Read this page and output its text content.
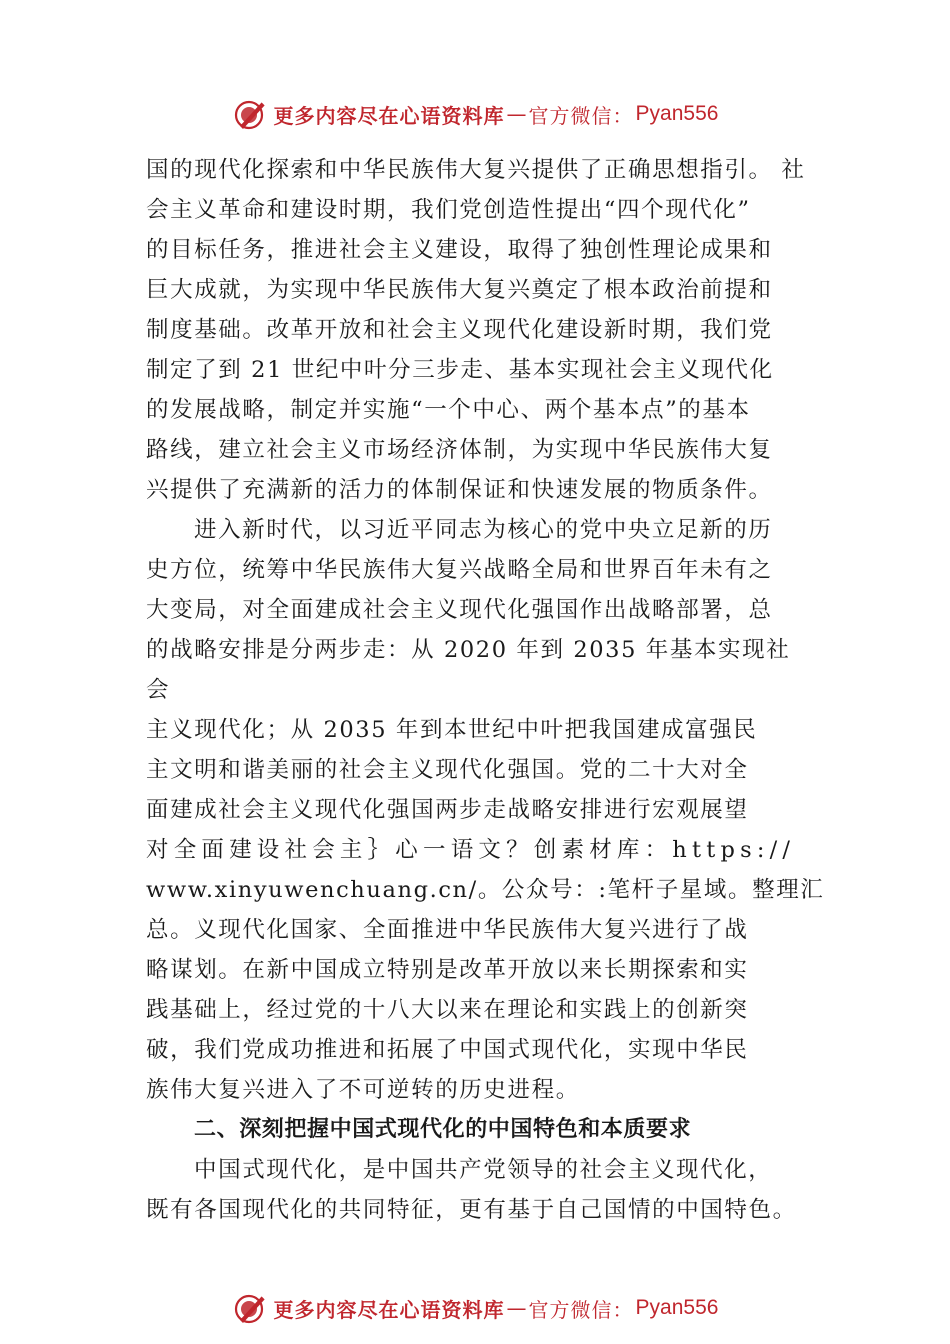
更多内容尽在心语资料库 — 官方微信： Pyan556
国的现代化探索和中华民族伟大复兴提供了正确思想指引。 社
会主义革命和建设时期，我们党创造性提出“四个现代化”
的目标任务，推进社会主义建设，取得了独创性理论成果和
巨大成就，为实现中华民族伟大复兴奠定了根本政治前提和
制度基础。改革开放和社会主义现代化建设新时期，我们党
制定了到 21 世纪中叶分三步走、基本实现社会主义现代化
的发展战略，制定并实施“一个中心、两个基本点”的基本
路线，建立社会主义市场经济体制，为实现中华民族伟大复
兴提供了充满新的活力的体制保证和快速发展的物质条件。
进入新时代，以习近平同志为核心的党中央立足新的历
史方位，统筹中华民族伟大复兴战略全局和世界百年未有之
大变局，对全面建成社会主义现代化强国作出战略部署，总
的战略安排是分两步走：从 2020 年到 2035 年基本实现社
会
主义现代化；从 2035 年到本世纪中叶把我国建成富强民
主文明和谐美丽的社会主义现代化强国。党的二十大对全
面建成社会主义现代化强国两步走战略安排进行宏观展望
对全面建设社会主｝心一语文？创素材库：https://
www.xinyuwenchuang.cn/。公众号：:笔杆子星域。整理汇
总。义现代化国家、全面推进中华民族伟大复兴进行了战
略谋划。在新中国成立特别是改革开放以来长期探索和实
践基础上，经过党的十八大以来在理论和实践上的创新突
破，我们党成功推进和拓展了中国式现代化，实现中华民
族伟大复兴进入了不可逆转的历史进程。
二、深刻把握中国式现代化的中国特色和本质要求
中国式现代化，是中国共产党领导的社会主义现代化，
既有各国现代化的共同特征，更有基于自己国情的中国特色。
更多内容尽在心语资料库 — 官方微信： Pyan556
